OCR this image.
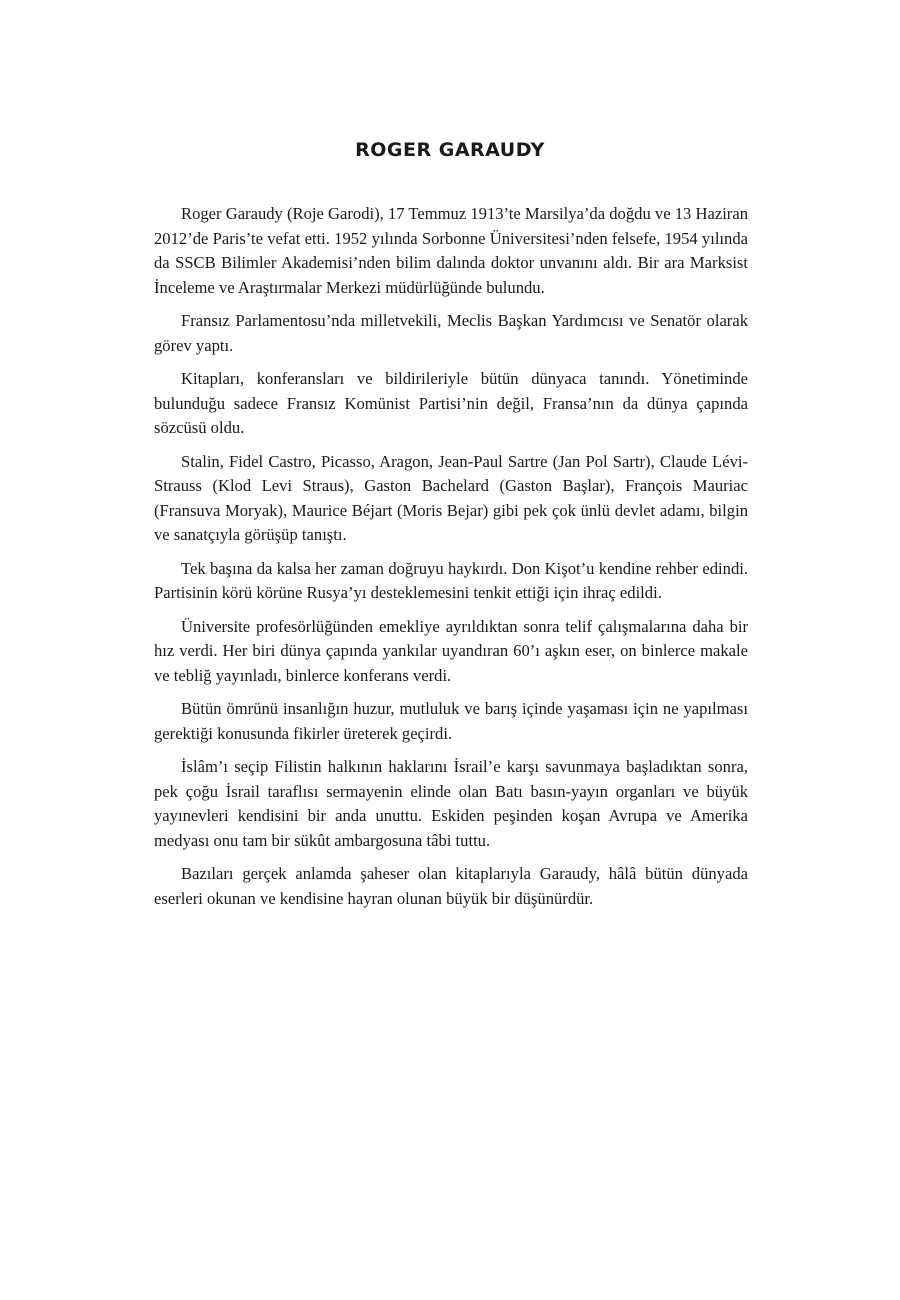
ROGER GARAUDY

Roger Garaudy (Roje Garodi), 17 Temmuz 1913’te Marsilya’da doğdu ve 13 Haziran 2012’de Paris’te vefat etti. 1952 yılında Sorbonne Üniversitesi’nden felsefe, 1954 yılında da SSCB Bilimler Akademisi’nden bilim dalında doktor unvanını aldı. Bir ara Marksist İnceleme ve Araştırmalar Merkezi müdürlüğünde bulundu.

Fransız Parlamentosu’nda milletvekili, Meclis Başkan Yardımcısı ve Senatör olarak görev yaptı.

Kitapları, konferansları ve bildirileriyle bütün dünyaca tanındı. Yönetiminde bulunduğu sadece Fransız Komünist Partisi’nin değil, Fransa’nın da dünya çapında sözcüsü oldu.

Stalin, Fidel Castro, Picasso, Aragon, Jean-Paul Sartre (Jan Pol Sartr), Claude Lévi-Strauss (Klod Levi Straus), Gaston Bachelard (Gaston Başlar), François Mauriac (Fransuva Moryak), Maurice Béjart (Moris Bejar) gibi pek çok ünlü devlet adamı, bilgin ve sanatçıyla görüşüp tanıştı.

Tek başına da kalsa her zaman doğruyu haykırdı. Don Kişot’u kendine rehber edindi. Partisinin körü körüne Rusya’yı desteklemesini tenkit ettiği için ihraç edildi.

Üniversite profesörlüğünden emekliye ayrıldıktan sonra telif çalışmalarına daha bir hız verdi. Her biri dünya çapında yankılar uyandıran 60’ı aşkın eser, on binlerce makale ve tebliğ yayınladı, binlerce konferans verdi.

Bütün ömrünü insanlığın huzur, mutluluk ve barış içinde yaşaması için ne yapılması gerektiği konusunda fikirler üreterek geçirdi.

İslâm’ı seçip Filistin halkının haklarını İsrail’e karşı savunmaya başladıktan sonra, pek çoğu İsrail taraflısı sermayenin elinde olan Batı basın-yayın organları ve büyük yayınevleri kendisini bir anda unuttu. Eskiden peşinden koşan Avrupa ve Amerika medyası onu tam bir sükût ambargosuna tâbi tuttu.

Bazıları gerçek anlamda şaheser olan kitaplarıyla Garaudy, hâlâ bütün dünyada eserleri okunan ve kendisine hayran olunan büyük bir düşünürdür.
